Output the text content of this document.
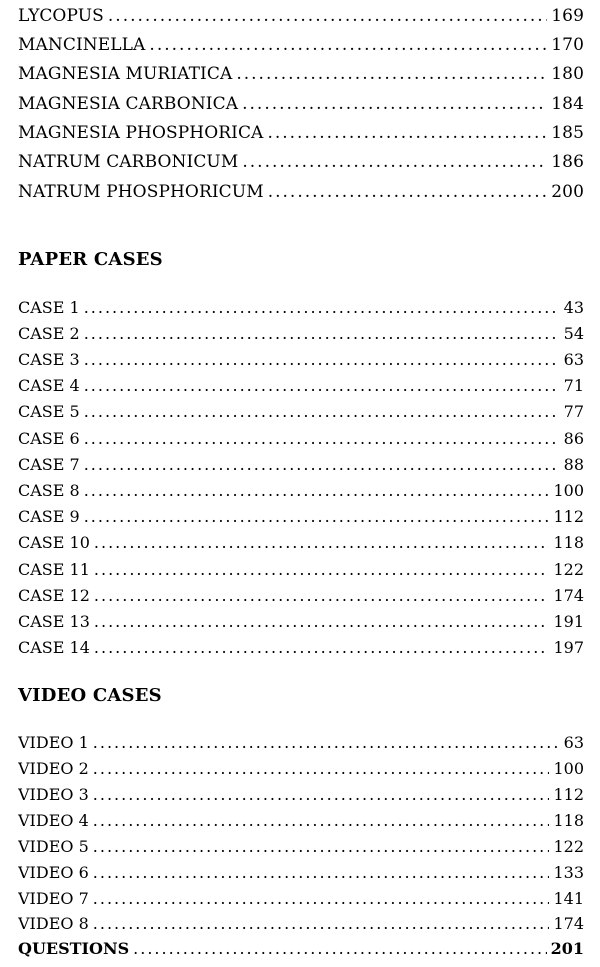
LYCOPUS .....	169
MANCINELLA .....	170
MAGNESIA MURIATICA .....	180
MAGNESIA CARBONICA .....	184
MAGNESIA PHOSPHORICA .....	185
NATRUM CARBONICUM .....	186
NATRUM PHOSPHORICUM .....	200
PAPER CASES
CASE 1 .....	43
CASE 2 .....	54
CASE 3 .....	63
CASE 4 .....	71
CASE 5 .....	77
CASE 6 .....	86
CASE 7 .....	88
CASE 8 .....	100
CASE 9 .....	112
CASE 10 .....	118
CASE 11 .....	122
CASE 12 .....	174
CASE 13 .....	191
CASE 14 .....	197
VIDEO CASES
VIDEO 1 .....	63
VIDEO 2 .....	100
VIDEO 3 .....	112
VIDEO 4 .....	118
VIDEO 5 .....	122
VIDEO 6 .....	133
VIDEO 7 .....	141
VIDEO 8 .....	174
QUESTIONS .....	201
